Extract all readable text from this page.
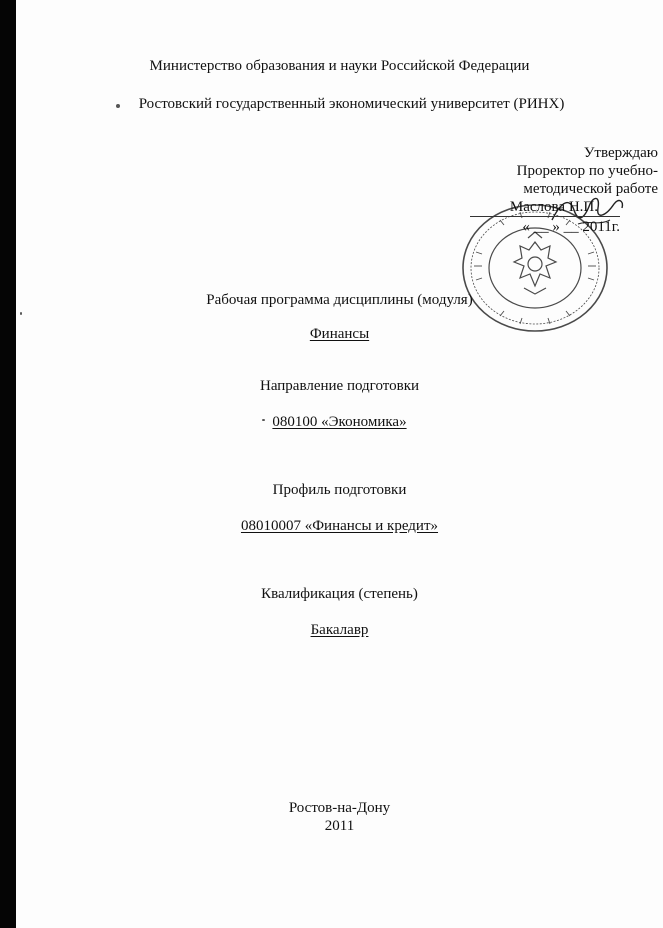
Министерство образования и науки Российской Федерации
Ростовский государственный экономический университет (РИНХ)
Утверждаю
Проректор по учебно-
методической работе
Маслова Н.П.
« __ » __ 2011г.
Рабочая программа дисциплины (модуля)
Финансы
Направление подготовки
080100 «Экономика»
Профиль подготовки
08010007 «Финансы и кредит»
Квалификация (степень)
Бакалавр
Ростов-на-Дону
2011
